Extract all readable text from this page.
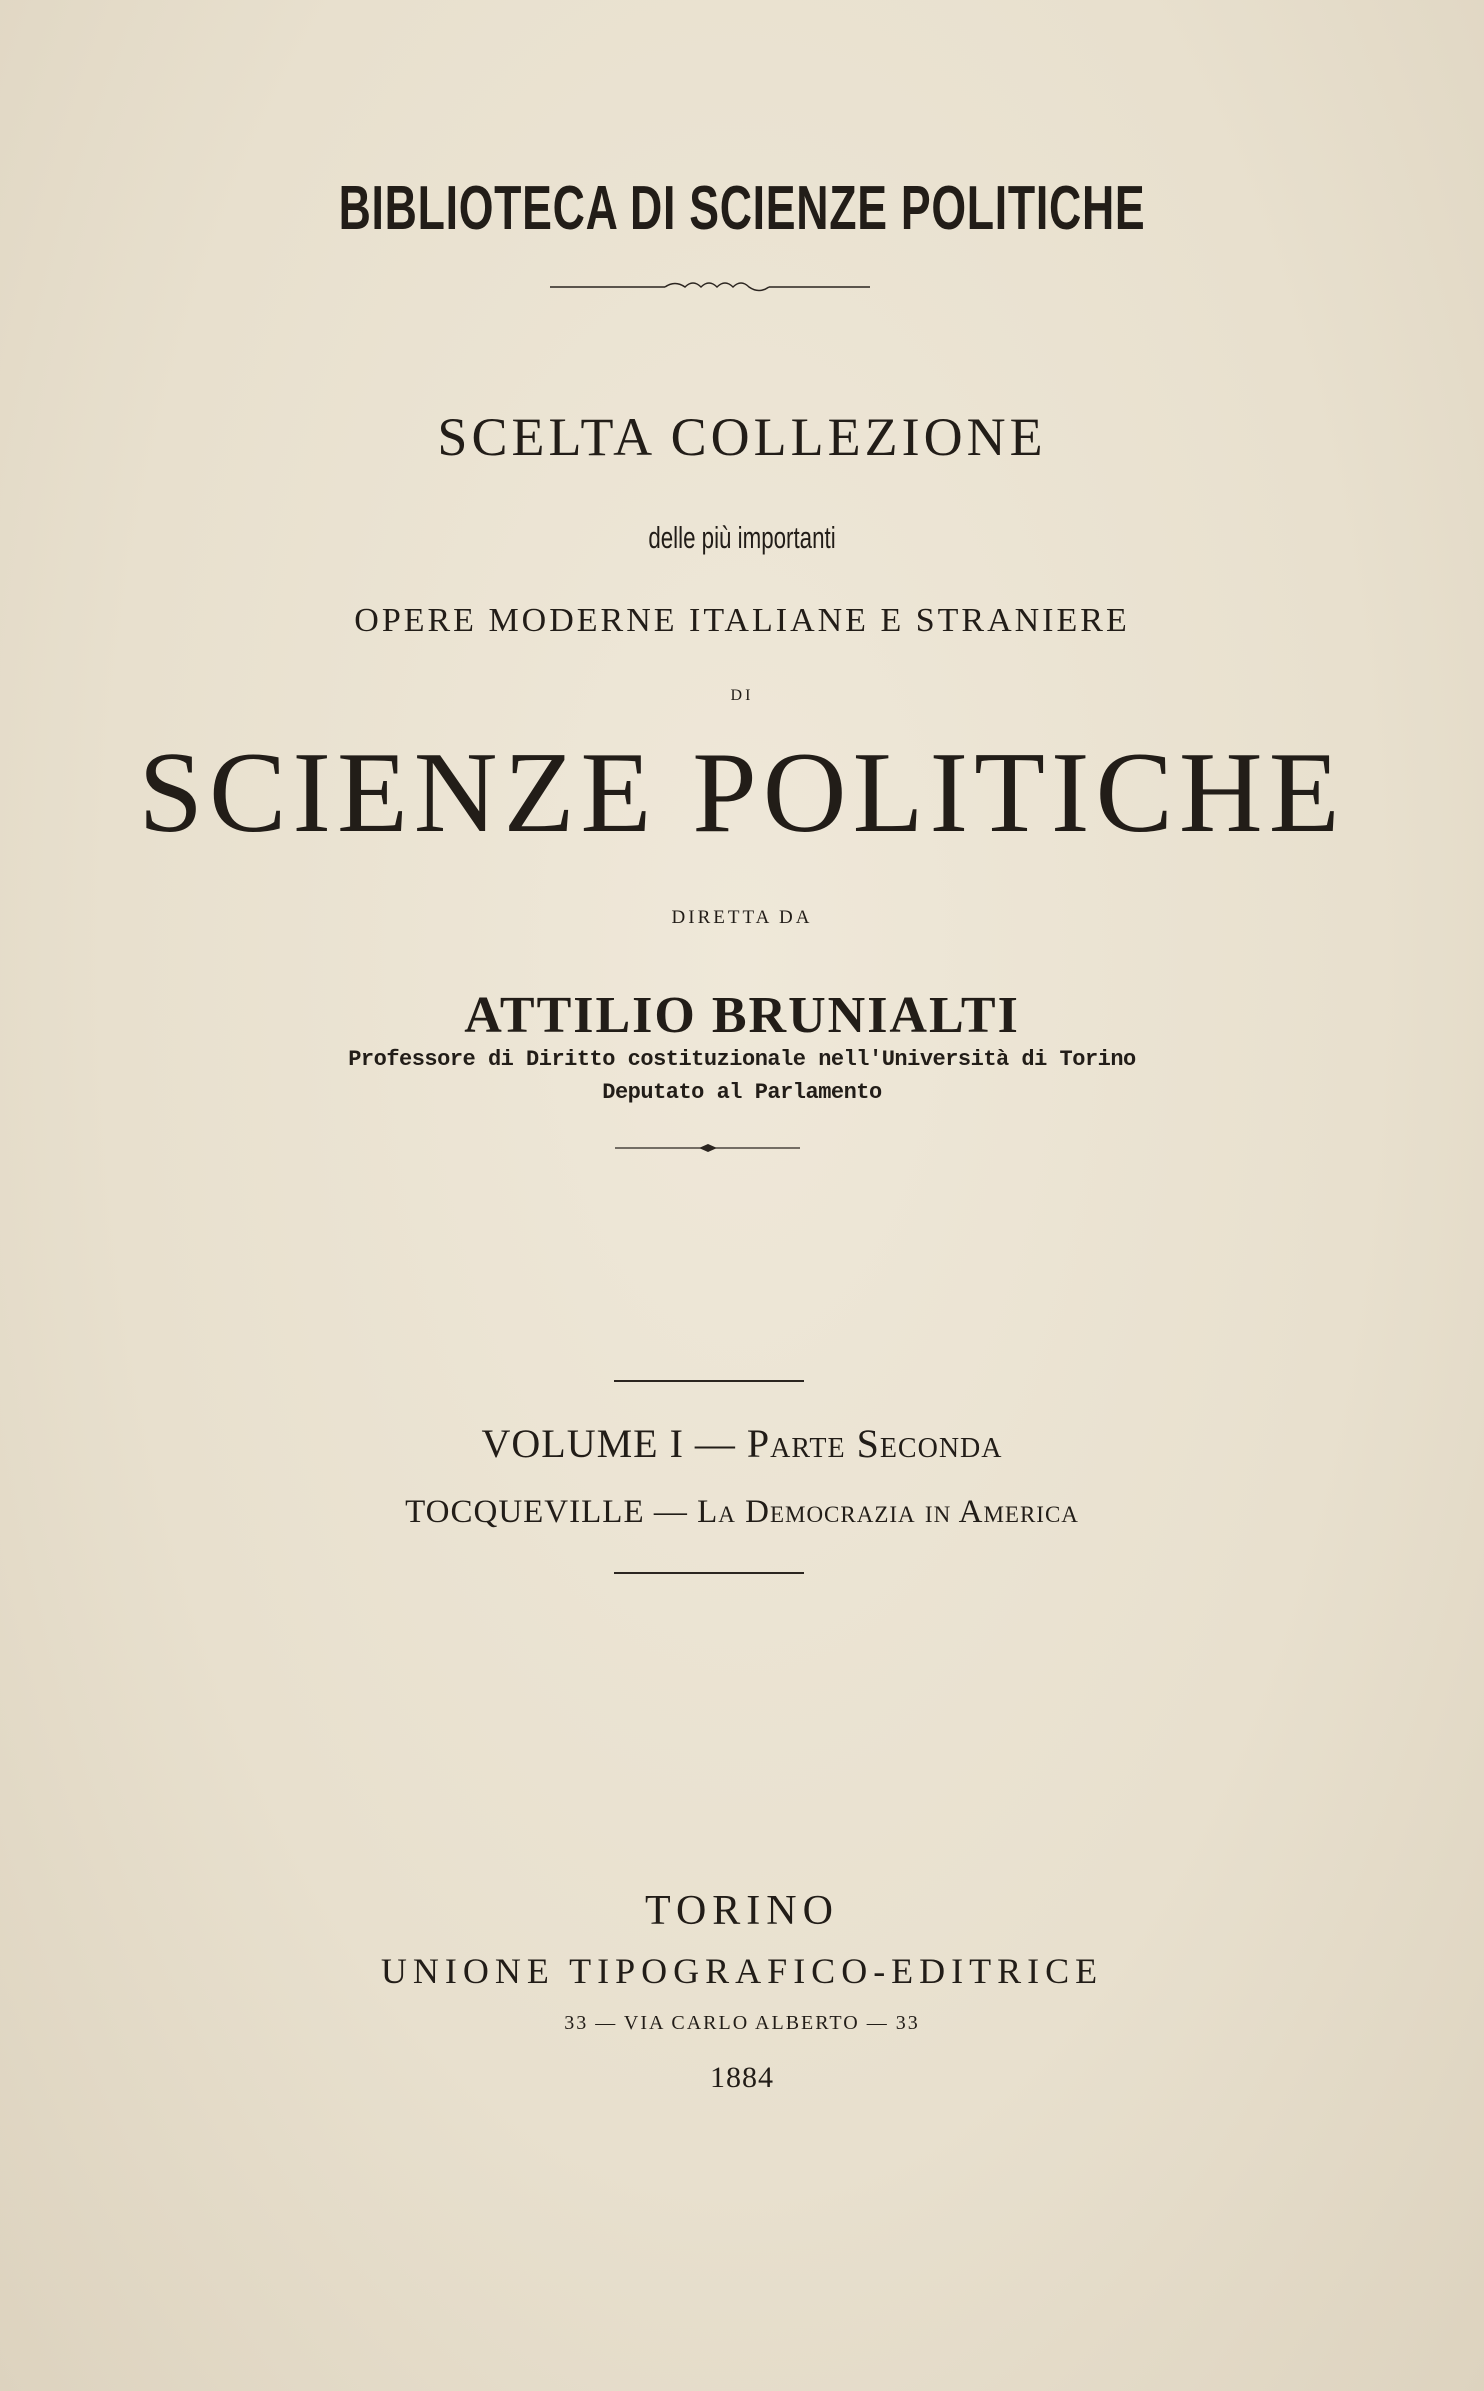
BIBLIOTECA DI SCIENZE POLITICHE
SCELTA COLLEZIONE
delle più importanti
OPERE MODERNE ITALIANE E STRANIERE
DI
SCIENZE POLITICHE
DIRETTA DA
ATTILIO BRUNIALTI
Professore di Diritto costituzionale nell'Università di Torino
Deputato al Parlamento
VOLUME I — Parte Seconda
TOCQUEVILLE — La Democrazia in America
TORINO
UNIONE TIPOGRAFICO-EDITRICE
33 — VIA CARLO ALBERTO — 33
1884
